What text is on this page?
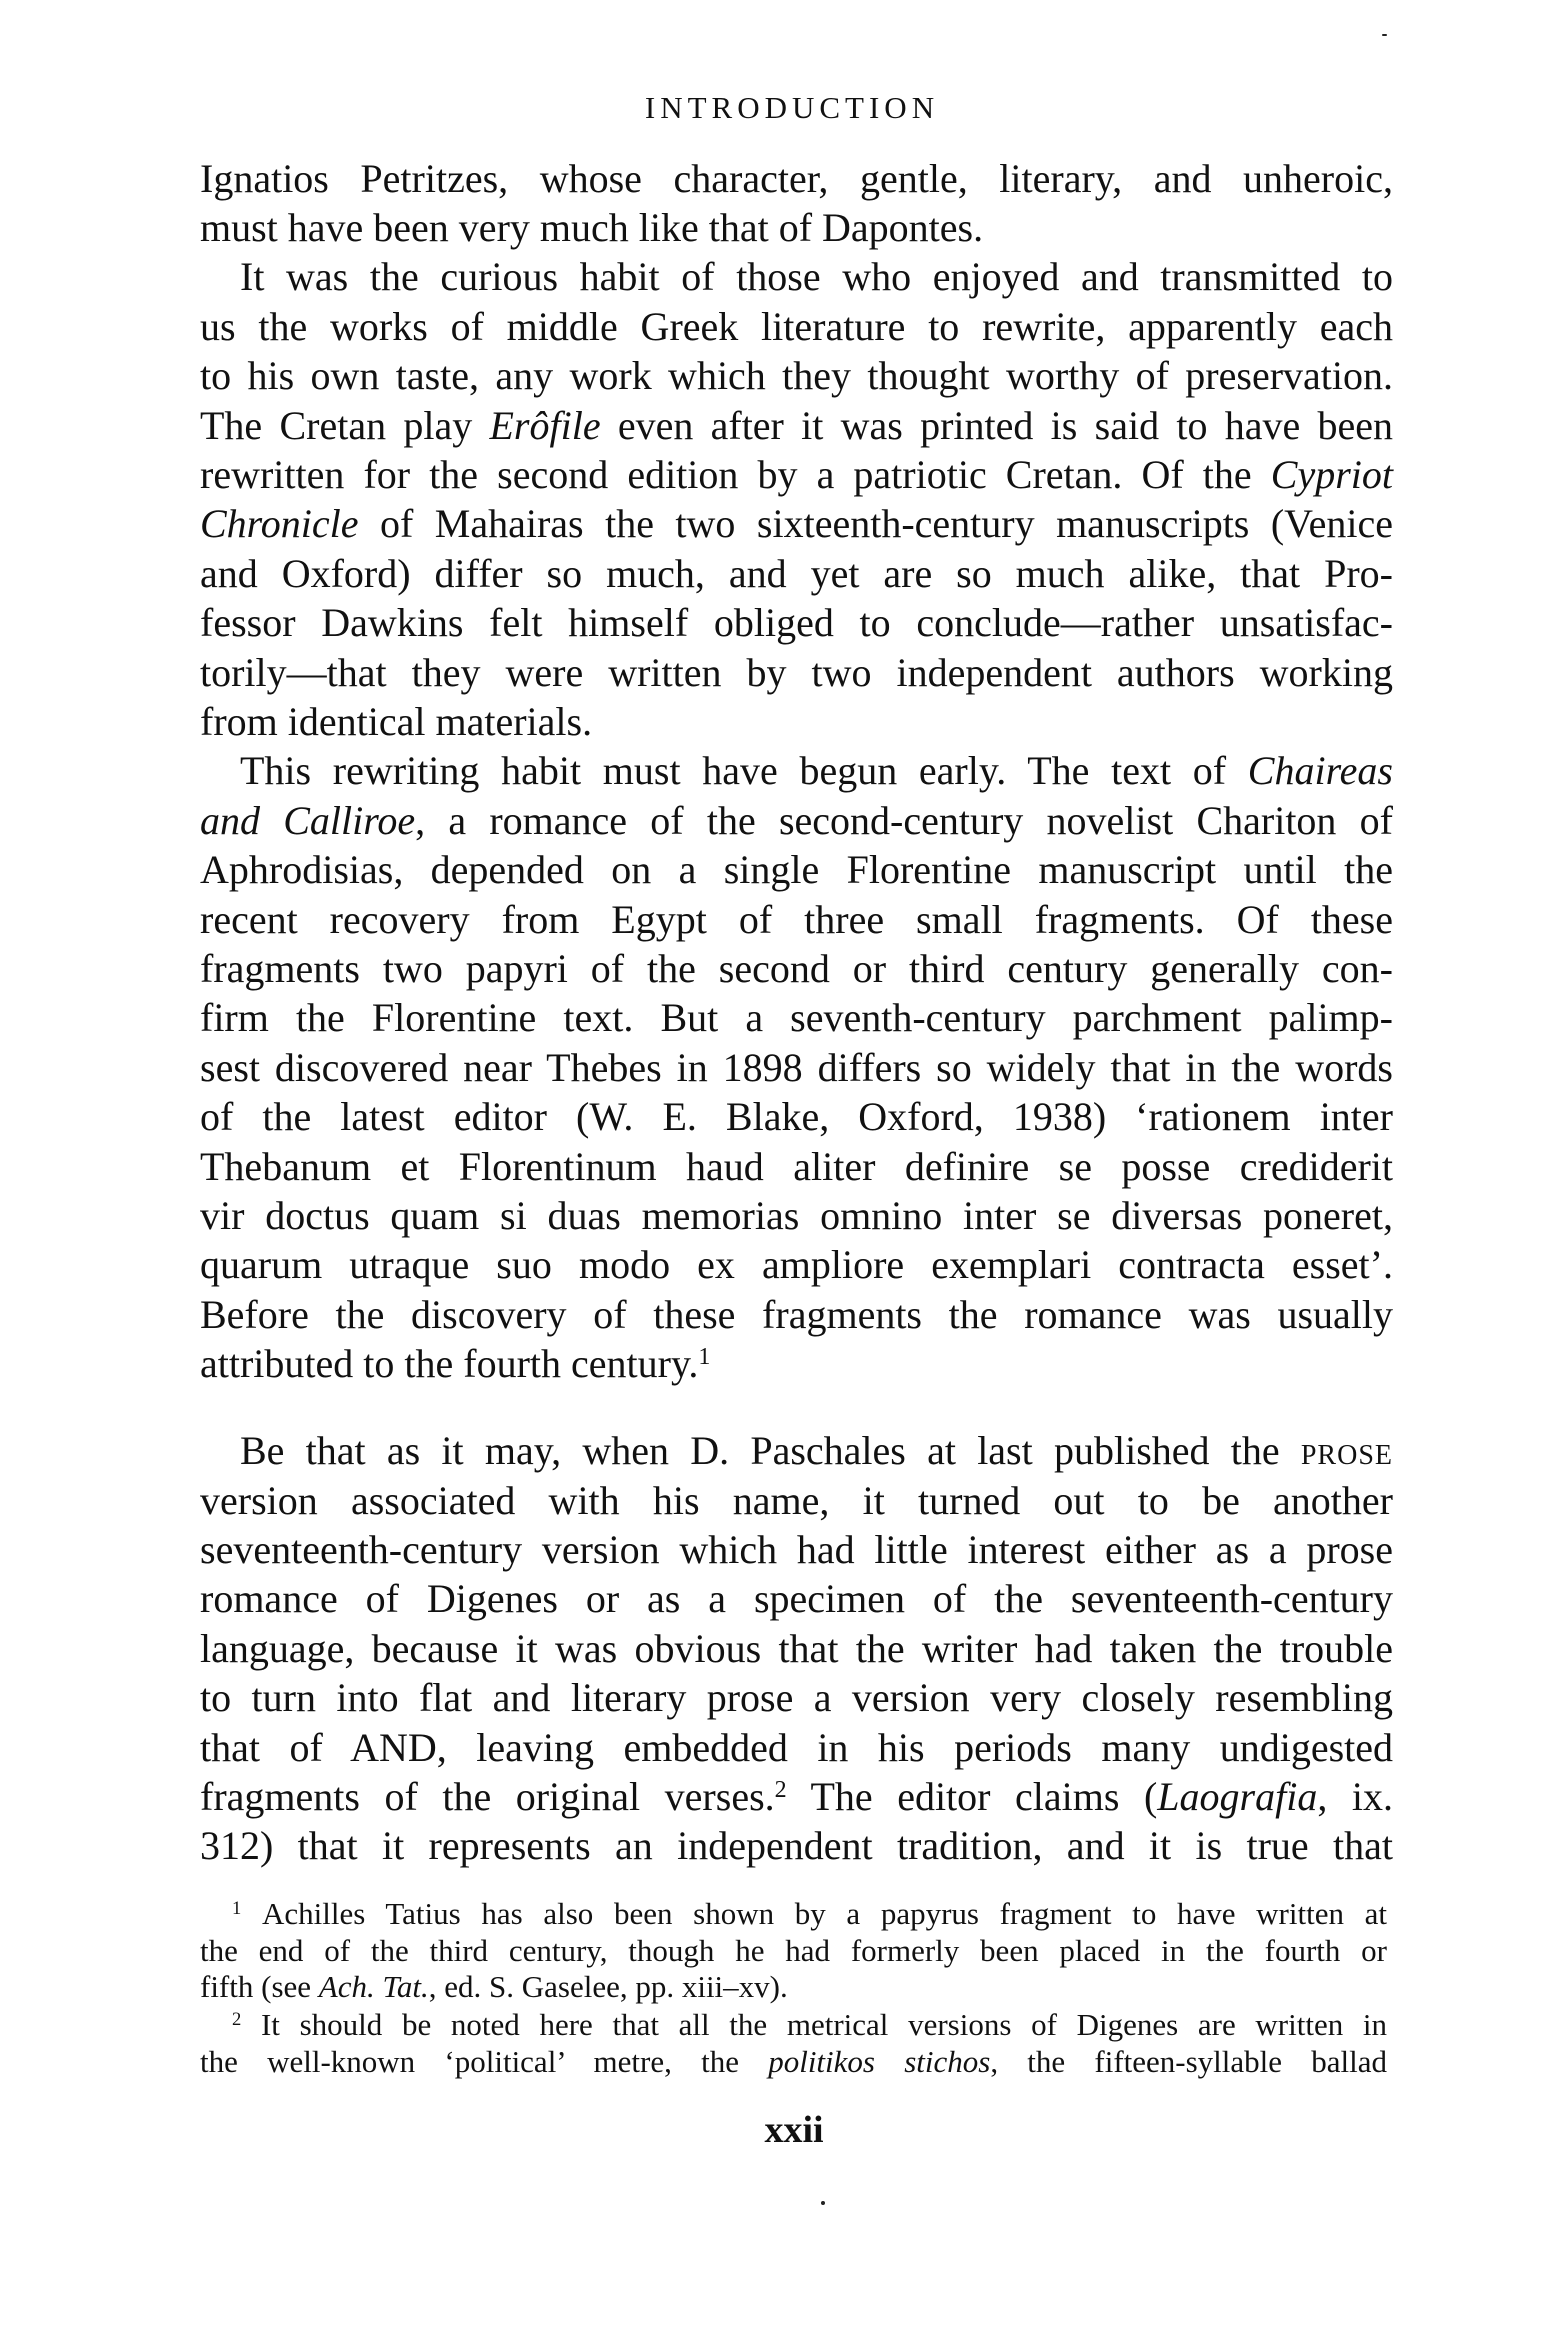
INTRODUCTION
Ignatios Petritzes, whose character, gentle, literary, and unheroic,
must have been very much like that of Dapontes.
It was the curious habit of those who enjoyed and transmitted to
us the works of middle Greek literature to rewrite, apparently each
to his own taste, any work which they thought worthy of preservation.
The Cretan play Erôfile even after it was printed is said to have been
rewritten for the second edition by a patriotic Cretan. Of the Cypriot
Chronicle of Mahairas the two sixteenth-century manuscripts (Venice
and Oxford) differ so much, and yet are so much alike, that Pro-
fessor Dawkins felt himself obliged to conclude—rather unsatisfac-
torily—that they were written by two independent authors working
from identical materials.
This rewriting habit must have begun early. The text of Chaireas
and Calliroe, a romance of the second-century novelist Chariton of
Aphrodisias, depended on a single Florentine manuscript until the
recent recovery from Egypt of three small fragments. Of these
fragments two papyri of the second or third century generally con-
firm the Florentine text. But a seventh-century parchment palimp-
sest discovered near Thebes in 1898 differs so widely that in the words
of the latest editor (W. E. Blake, Oxford, 1938) ‘rationem inter
Thebanum et Florentinum haud aliter definire se posse crediderit
vir doctus quam si duas memorias omnino inter se diversas poneret,
quarum utraque suo modo ex ampliore exemplari contracta esset’.
Before the discovery of these fragments the romance was usually
attributed to the fourth century.$^1$
Be that as it may, when D. Paschales at last published the prose
version associated with his name, it turned out to be another
seventeenth-century version which had little interest either as a prose
romance of Digenes or as a specimen of the seventeenth-century
language, because it was obvious that the writer had taken the trouble
to turn into flat and literary prose a version very closely resembling
that of AND, leaving embedded in his periods many undigested
fragments of the original verses.$^2$ The editor claims (Laografia, ix.
312) that it represents an independent tradition, and it is true that
$^1$ Achilles Tatius has also been shown by a papyrus fragment to have written at
the end of the third century, though he had formerly been placed in the fourth or
fifth (see Ach. Tat., ed. S. Gaselee, pp. xiii–xv).
$^2$ It should be noted here that all the metrical versions of Digenes are written in
the well-known ‘political’ metre, the politikos stichos, the fifteen-syllable ballad
xxii
